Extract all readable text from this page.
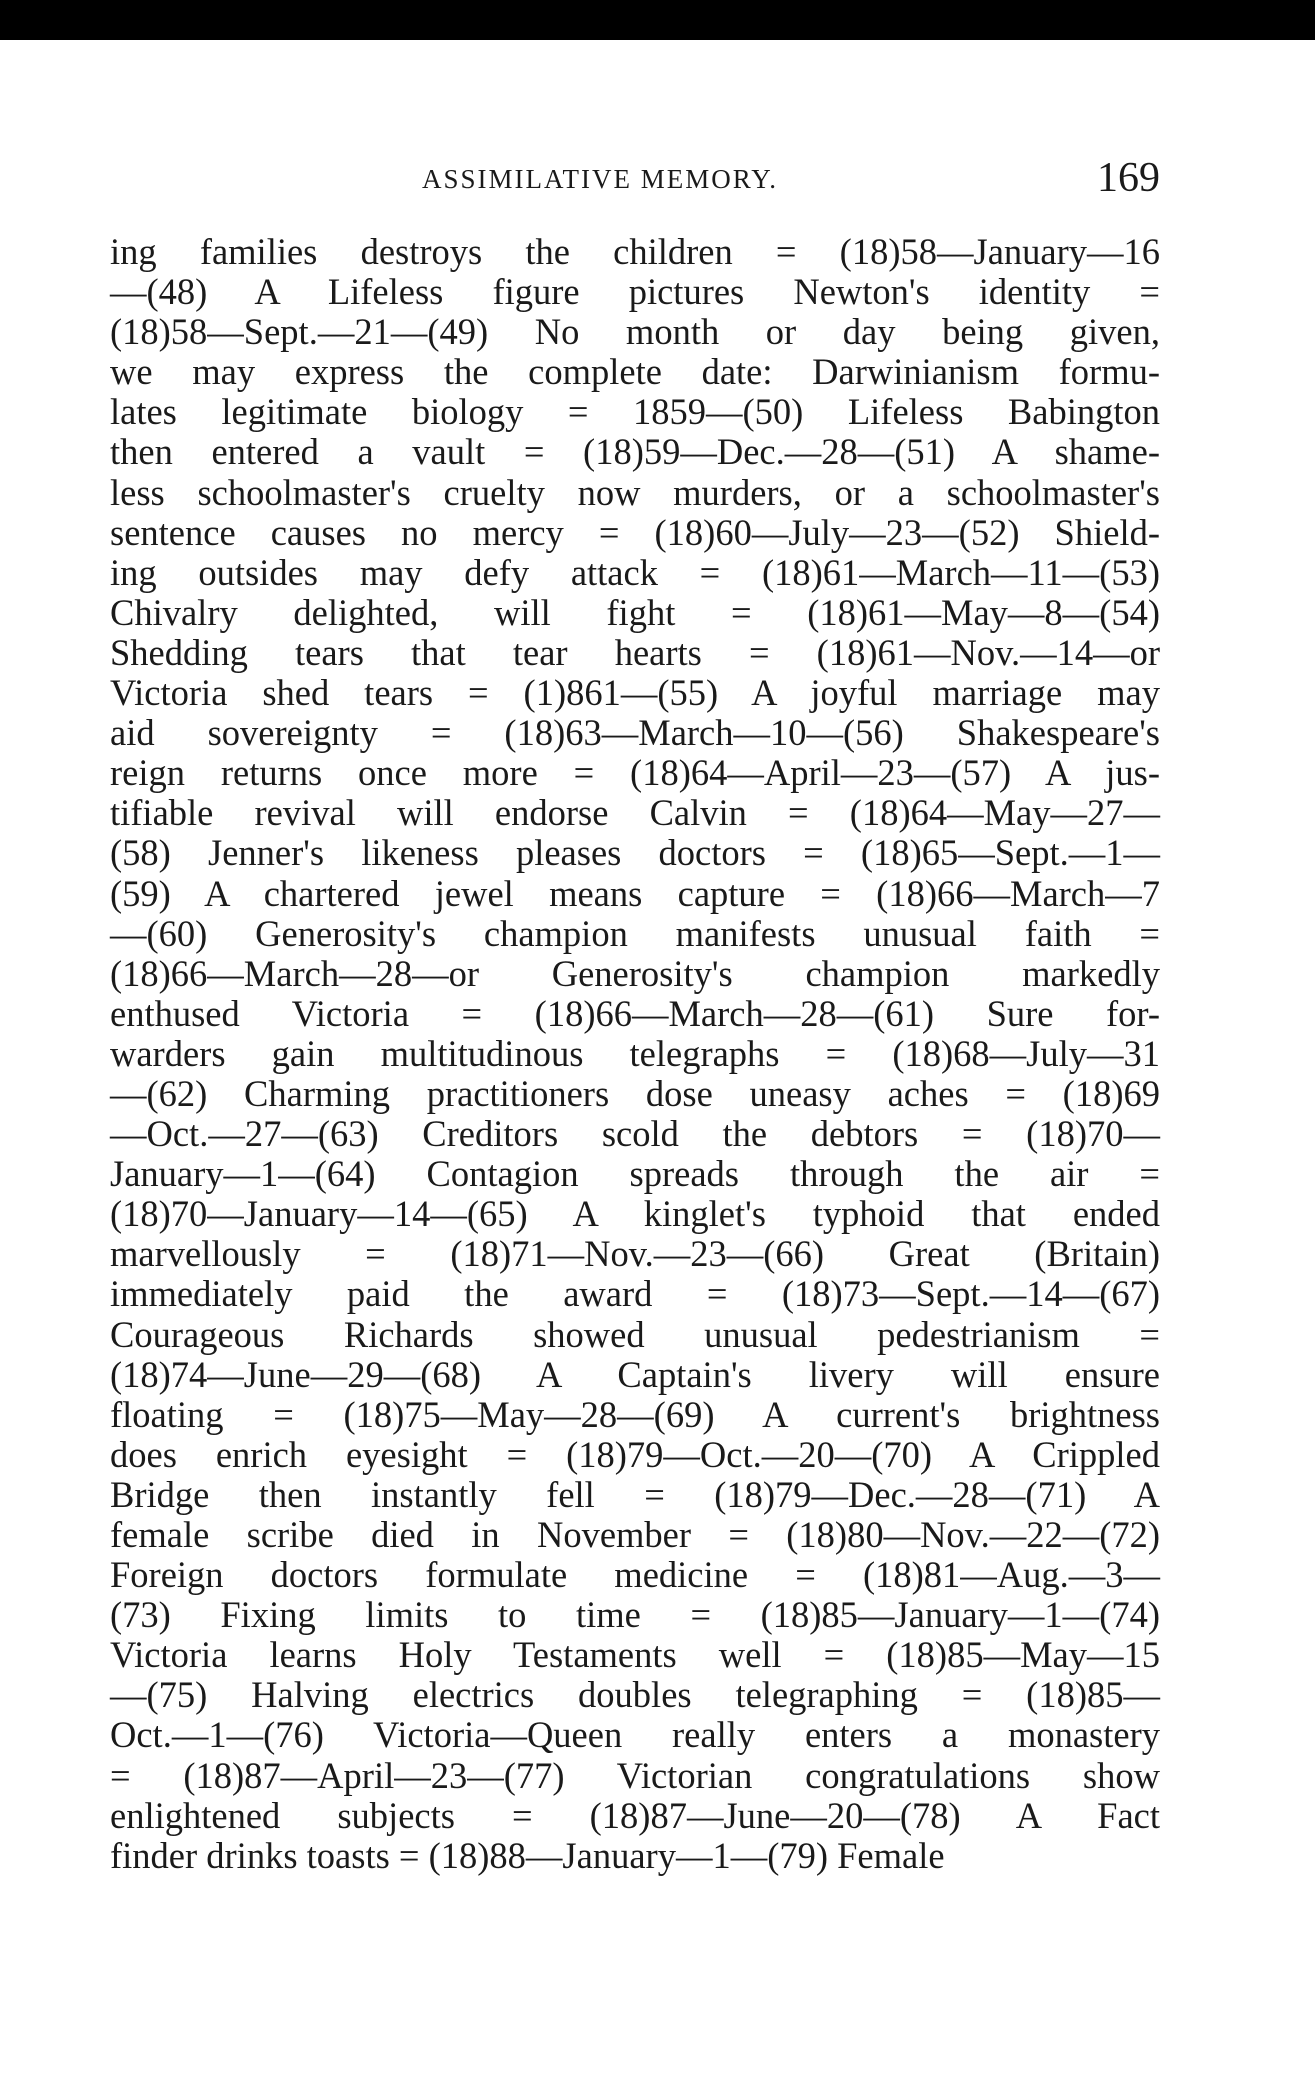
ASSIMILATIVE MEMORY.	169
ing families destroys the children = (18)58—January—16
—(48) A Lifeless figure pictures Newton's identity =
(18)58—Sept.—21—(49) No month or day being given,
we may express the complete date: Darwinianism formu-
lates legitimate biology = 1859—(50) Lifeless Babington
then entered a vault = (18)59—Dec.—28—(51) A shame-
less schoolmaster's cruelty now murders, or a schoolmaster's
sentence causes no mercy = (18)60—July—23—(52) Shield-
ing outsides may defy attack = (18)61—March—11—(53)
Chivalry delighted, will fight = (18)61—May—8—(54)
Shedding tears that tear hearts = (18)61—Nov.—14—or
Victoria shed tears = (1)861—(55) A joyful marriage may
aid sovereignty = (18)63—March—10—(56) Shakespeare's
reign returns once more = (18)64—April—23—(57) A jus-
tifiable revival will endorse Calvin = (18)64—May—27—
(58) Jenner's likeness pleases doctors = (18)65—Sept.—1—
(59) A chartered jewel means capture = (18)66—March—7
—(60) Generosity's champion manifests unusual faith =
(18)66—March—28—or Generosity's champion markedly
enthused Victoria = (18)66—March—28—(61) Sure for-
warders gain multitudinous telegraphs = (18)68—July—31
—(62) Charming practitioners dose uneasy aches = (18)69
—Oct.—27—(63) Creditors scold the debtors = (18)70—
January—1—(64) Contagion spreads through the air =
(18)70—January—14—(65) A kinglet's typhoid that ended
marvellously = (18)71—Nov.—23—(66) Great (Britain)
immediately paid the award = (18)73—Sept.—14—(67)
Courageous Richards showed unusual pedestrianism =
(18)74—June—29—(68) A Captain's livery will ensure
floating = (18)75—May—28—(69) A current's brightness
does enrich eyesight = (18)79—Oct.—20—(70) A Crippled
Bridge then instantly fell = (18)79—Dec.—28—(71) A
female scribe died in November = (18)80—Nov.—22—(72)
Foreign doctors formulate medicine = (18)81—Aug.—3—
(73) Fixing limits to time = (18)85—January—1—(74)
Victoria learns Holy Testaments well = (18)85—May—15
—(75) Halving electrics doubles telegraphing = (18)85—
Oct.—1—(76) Victoria—Queen really enters a monastery
= (18)87—April—23—(77) Victorian congratulations show
enlightened subjects = (18)87—June—20—(78) A Fact
finder drinks toasts = (18)88—January—1—(79) Female
